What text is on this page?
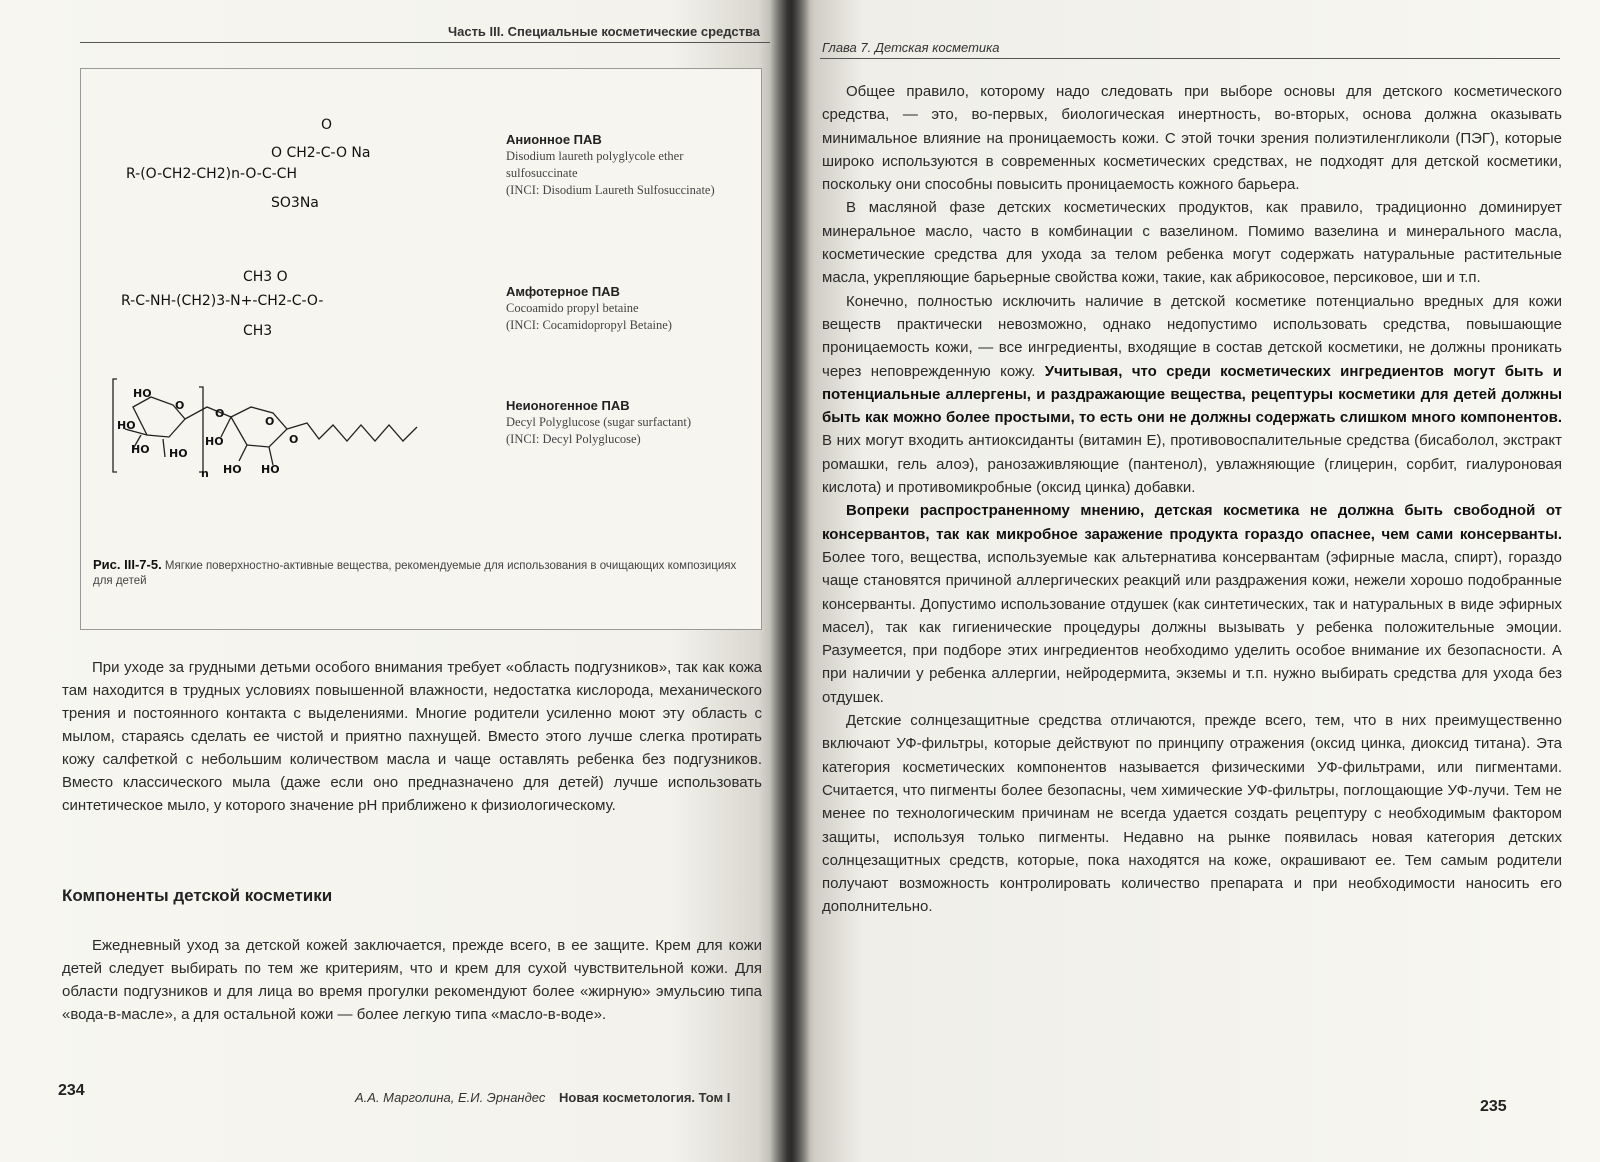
Часть III. Специальные косметические средства
O
O CH2-C-O Na
R-(O-CH2-CH2)n-O-C-CH
SO3Na
Анионное ПАВ
Disodium laureth polyglycole ether sulfosuccinate
(INCI: Disodium Laureth Sulfosuccinate)
CH3 O
R-C-NH-(CH2)3-N+-CH2-C-O-
CH3
Амфотерное ПАВ
Cocoamido propyl betaine
(INCI: Cocamidopropyl Betaine)
HO
HO
HO HO
HO
HO HO
O
O
O
O
n
Неионогенное ПАВ
Decyl Polyglucose (sugar surfactant)
(INCI: Decyl Polyglucose)
Рис. III-7-5. Мягкие поверхностно-активные вещества, рекомендуемые для использования в очищающих композициях для детей

При уходе за грудными детьми особого внимания требует «область подгузников», так как кожа там находится в трудных условиях повышенной влажности, недостатка кислорода, механического трения и постоянного контакта с выделениями. Многие родители усиленно моют эту область с мылом, стараясь сделать ее чистой и приятно пахнущей. Вместо этого лучше слегка протирать кожу салфеткой с небольшим количеством масла и чаще оставлять ребенка без подгузников. Вместо классического мыла (даже если оно предназначено для детей) лучше использовать синтетическое мыло, у которого значение рН приближено к физиологическому.

Компоненты детской косметики

Ежедневный уход за детской кожей заключается, прежде всего, в ее защите. Крем для кожи детей следует выбирать по тем же критериям, что и крем для сухой чувствительной кожи. Для области подгузников и для лица во время прогулки рекомендуют более «жирную» эмульсию типа «вода-в-масле», а для остальной кожи — более легкую типа «масло-в-воде».

234	А.А. Марголина, Е.И. Эрнандес Новая косметология. Том I
Глава 7. Детская косметика

Общее правило, которому надо следовать при выборе основы для детского косметического средства, — это, во-первых, биологическая инертность, во-вторых, основа должна оказывать минимальное влияние на проницаемость кожи. С этой точки зрения полиэтиленгликоли (ПЭГ), которые широко используются в современных косметических средствах, не подходят для детской косметики, поскольку они способны повысить проницаемость кожного барьера.

В масляной фазе детских косметических продуктов, как правило, традиционно доминирует минеральное масло, часто в комбинации с вазелином. Помимо вазелина и минерального масла, косметические средства для ухода за телом ребенка могут содержать натуральные растительные масла, укрепляющие барьерные свойства кожи, такие, как абрикосовое, персиковое, ши и т.п.

Конечно, полностью исключить наличие в детской косметике потенциально вредных для кожи веществ практически невозможно, однако недопустимо использовать средства, повышающие проницаемость кожи, — все ингредиенты, входящие в состав детской косметики, не должны проникать через неповрежденную кожу. Учитывая, что среди косметических ингредиентов могут быть и потенциальные аллергены, и раздражающие вещества, рецептуры косметики для детей должны быть как можно более простыми, то есть они не должны содержать слишком много компонентов. В них могут входить антиоксиданты (витамин Е), противовоспалительные средства (бисаболол, экстракт ромашки, гель алоэ), ранозаживляющие (пантенол), увлажняющие (глицерин, сорбит, гиалуроновая кислота) и противомикробные (оксид цинка) добавки.

Вопреки распространенному мнению, детская косметика не должна быть свободной от консервантов, так как микробное заражение продукта гораздо опаснее, чем сами консерванты. Более того, вещества, используемые как альтернатива консервантам (эфирные масла, спирт), гораздо чаще становятся причиной аллергических реакций или раздражения кожи, нежели хорошо подобранные консерванты. Допустимо использование отдушек (как синтетических, так и натуральных в виде эфирных масел), так как гигиенические процедуры должны вызывать у ребенка положительные эмоции. Разумеется, при подборе этих ингредиентов необходимо уделить особое внимание их безопасности. А при наличии у ребенка аллергии, нейродермита, экземы и т.п. нужно выбирать средства для ухода без отдушек.

Детские солнцезащитные средства отличаются, прежде всего, тем, что в них преимущественно включают УФ-фильтры, которые действуют по принципу отражения (оксид цинка, диоксид титана). Эта категория косметических компонентов называется физическими УФ-фильтрами, или пигментами. Считается, что пигменты более безопасны, чем химические УФ-фильтры, поглощающие УФ-лучи. Тем не менее по технологическим причинам не всегда удается создать рецептуру с необходимым фактором защиты, используя только пигменты. Недавно на рынке появилась новая категория детских солнцезащитных средств, которые, пока находятся на коже, окрашивают ее. Тем самым родители получают возможность контролировать количество препарата и при необходимости наносить его дополнительно.

235
